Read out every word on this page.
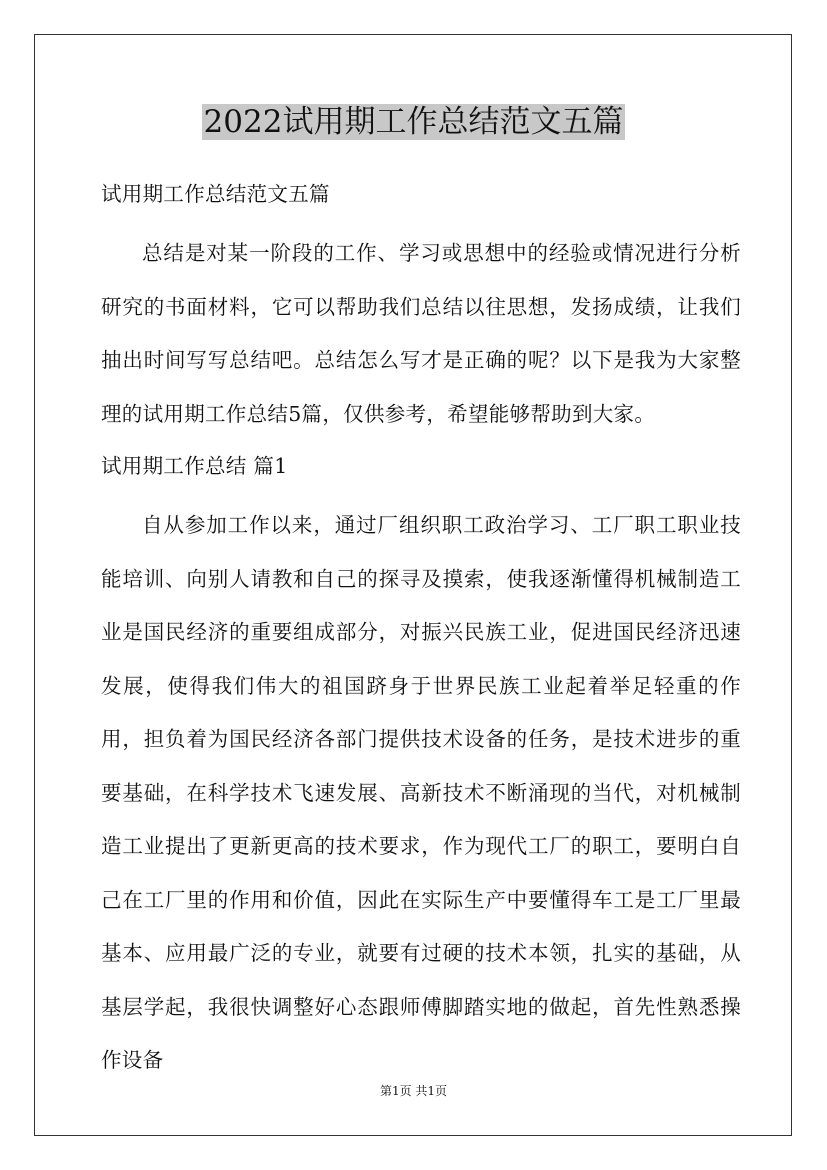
2022试用期工作总结范文五篇

试用期工作总结范文五篇

总结是对某一阶段的工作、学习或思想中的经验或情况进行分析研究的书面材料，它可以帮助我们总结以往思想，发扬成绩，让我们抽出时间写写总结吧。总结怎么写才是正确的呢？以下是我为大家整理的试用期工作总结5篇，仅供参考，希望能够帮助到大家。

试用期工作总结 篇1

自从参加工作以来，通过厂组织职工政治学习、工厂职工职业技能培训、向别人请教和自己的探寻及摸索，使我逐渐懂得机械制造工业是国民经济的重要组成部分，对振兴民族工业，促进国民经济迅速发展，使得我们伟大的祖国跻身于世界民族工业起着举足轻重的作用，担负着为国民经济各部门提供技术设备的任务，是技术进步的重要基础，在科学技术飞速发展、高新技术不断涌现的当代，对机械制造工业提出了更新更高的技术要求，作为现代工厂的职工，要明白自己在工厂里的作用和价值，因此在实际生产中要懂得车工是工厂里最基本、应用最广泛的专业，就要有过硬的技术本领，扎实的基础，从基层学起，我很快调整好心态跟师傅脚踏实地的做起，首先性熟悉操作设备

第1页 共1页
